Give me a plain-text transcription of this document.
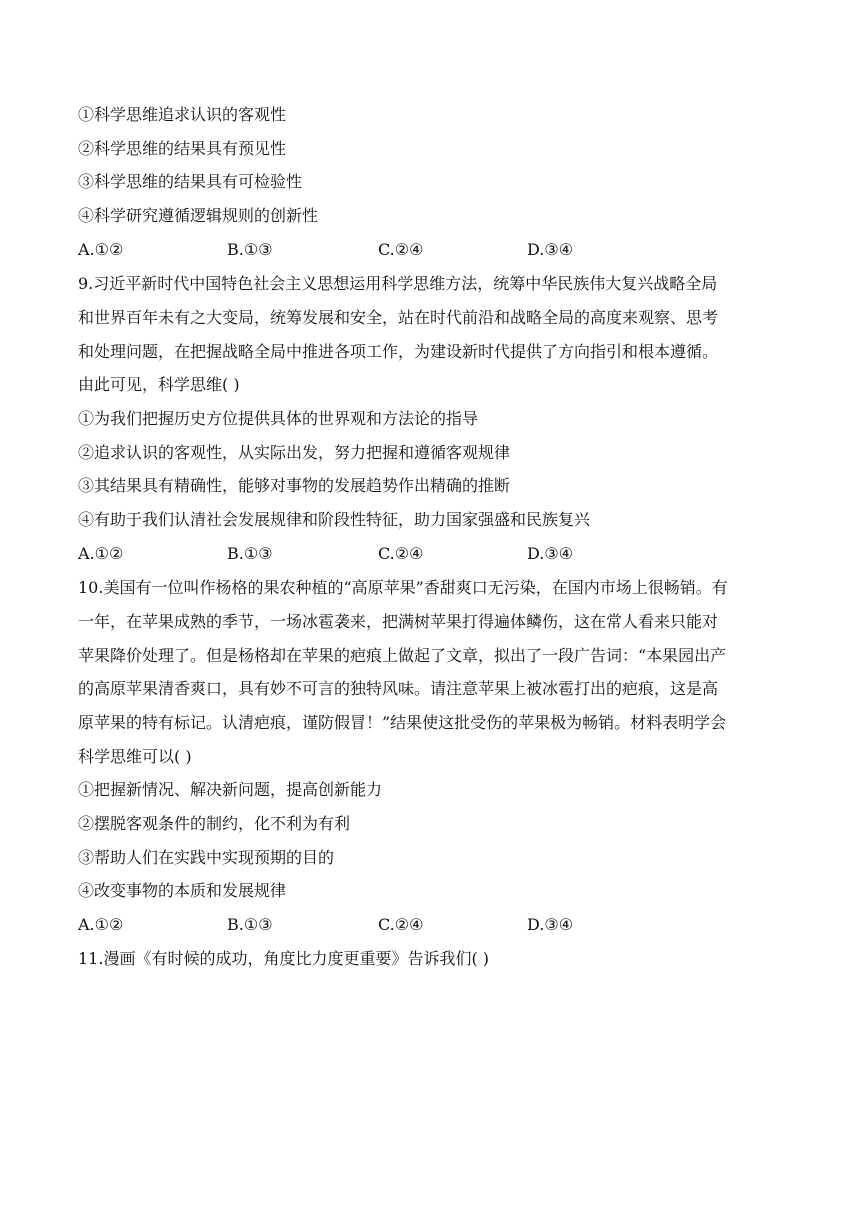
①科学思维追求认识的客观性
②科学思维的结果具有预见性
③科学思维的结果具有可检验性
④科学研究遵循逻辑规则的创新性
A.①②	B.①③	C.②④	D.③④
9.习近平新时代中国特色社会主义思想运用科学思维方法，统筹中华民族伟大复兴战略全局
和世界百年未有之大变局，统筹发展和安全，站在时代前沿和战略全局的高度来观察、思考
和处理问题，在把握战略全局中推进各项工作，为建设新时代提供了方向指引和根本遵循。
由此可见，科学思维( )
①为我们把握历史方位提供具体的世界观和方法论的指导
②追求认识的客观性，从实际出发，努力把握和遵循客观规律
③其结果具有精确性，能够对事物的发展趋势作出精确的推断
④有助于我们认清社会发展规律和阶段性特征，助力国家强盛和民族复兴
A.①②	B.①③	C.②④	D.③④
10.美国有一位叫作杨格的果农种植的“高原苹果”香甜爽口无污染，在国内市场上很畅销。有
一年，在苹果成熟的季节，一场冰雹袭来，把满树苹果打得遍体鳞伤，这在常人看来只能对
苹果降价处理了。但是杨格却在苹果的疤痕上做起了文章，拟出了一段广告词：“本果园出产
的高原苹果清香爽口，具有妙不可言的独特风味。请注意苹果上被冰雹打出的疤痕，这是高
原苹果的特有标记。认清疤痕，谨防假冒！”结果使这批受伤的苹果极为畅销。材料表明学会
科学思维可以( )
①把握新情况、解决新问题，提高创新能力
②摆脱客观条件的制约，化不利为有利
③帮助人们在实践中实现预期的目的
④改变事物的本质和发展规律
A.①②	B.①③	C.②④	D.③④
11.漫画《有时候的成功，角度比力度更重要》告诉我们( )
